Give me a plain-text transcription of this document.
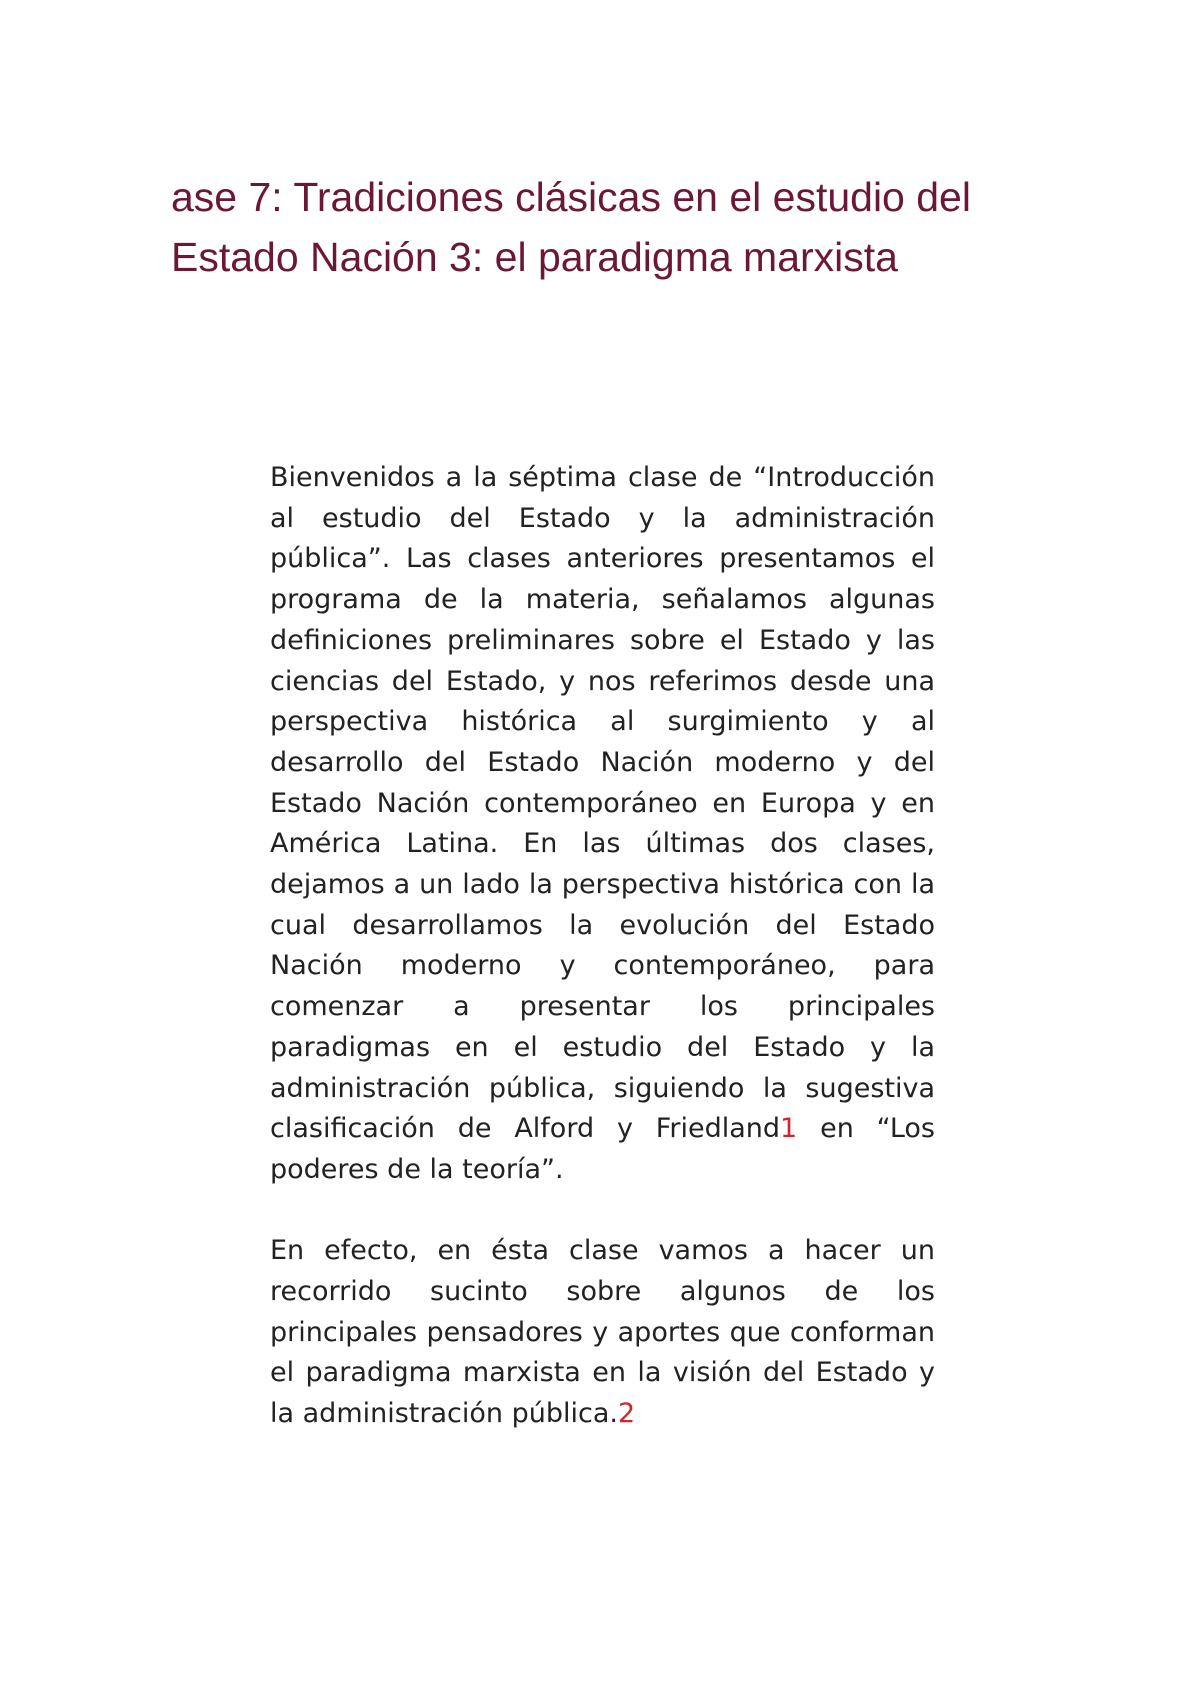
ase 7: Tradiciones clásicas en el estudio del Estado Nación 3: el paradigma marxista

Bienvenidos a la séptima clase de “Introducción al estudio del Estado y la administración pública”. Las clases anteriores presentamos el programa de la materia, señalamos algunas definiciones preliminares sobre el Estado y las ciencias del Estado, y nos referimos desde una perspectiva histórica al surgimiento y al desarrollo del Estado Nación moderno y del Estado Nación contemporáneo en Europa y en América Latina. En las últimas dos clases, dejamos a un lado la perspectiva histórica con la cual desarrollamos la evolución del Estado Nación moderno y contemporáneo, para comenzar a presentar los principales paradigmas en el estudio del Estado y la administración pública, siguiendo la sugestiva clasificación de Alford y Friedland1 en “Los poderes de la teoría”.

En efecto, en ésta clase vamos a hacer un recorrido sucinto sobre algunos de los principales pensadores y aportes que conforman el paradigma marxista en la visión del Estado y la administración pública.2
